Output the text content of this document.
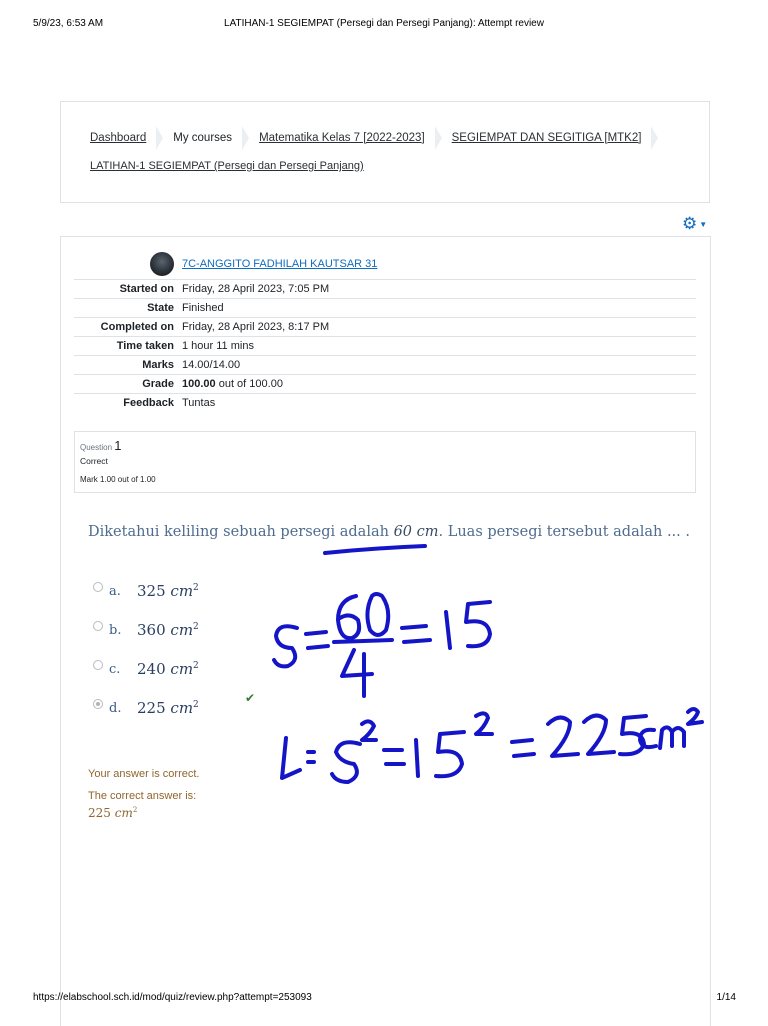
5/9/23, 6:53 AM	LATIHAN-1 SEGIEMPAT (Persegi dan Persegi Panjang): Attempt review
Dashboard My courses Matematika Kelas 7 [2022-2023] SEGIEMPAT DAN SEGITIGA [MTK2]
LATIHAN-1 SEGIEMPAT (Persegi dan Persegi Panjang)
⚙ ▼
	7C-ANGGITO FADHILAH KAUTSAR 31
Started on	Friday, 28 April 2023, 7:05 PM
State	Finished
Completed on	Friday, 28 April 2023, 8:17 PM
Time taken	1 hour 11 mins
Marks	14.00/14.00
Grade	100.00 out of 100.00
Feedback	Tuntas
Question 1
Correct
Mark 1.00 out of 1.00
Diketahui keliling sebuah persegi adalah 60 cm. Luas persegi tersebut adalah ... .
a. 325 $cm^2$
b. 360 $cm^2$
c. 240 $cm^2$
d. 225 $cm^2$	✔
Your answer is correct.
The correct answer is:
225 $cm^2$
https://elabschool.sch.id/mod/quiz/review.php?attempt=253093	1/14
